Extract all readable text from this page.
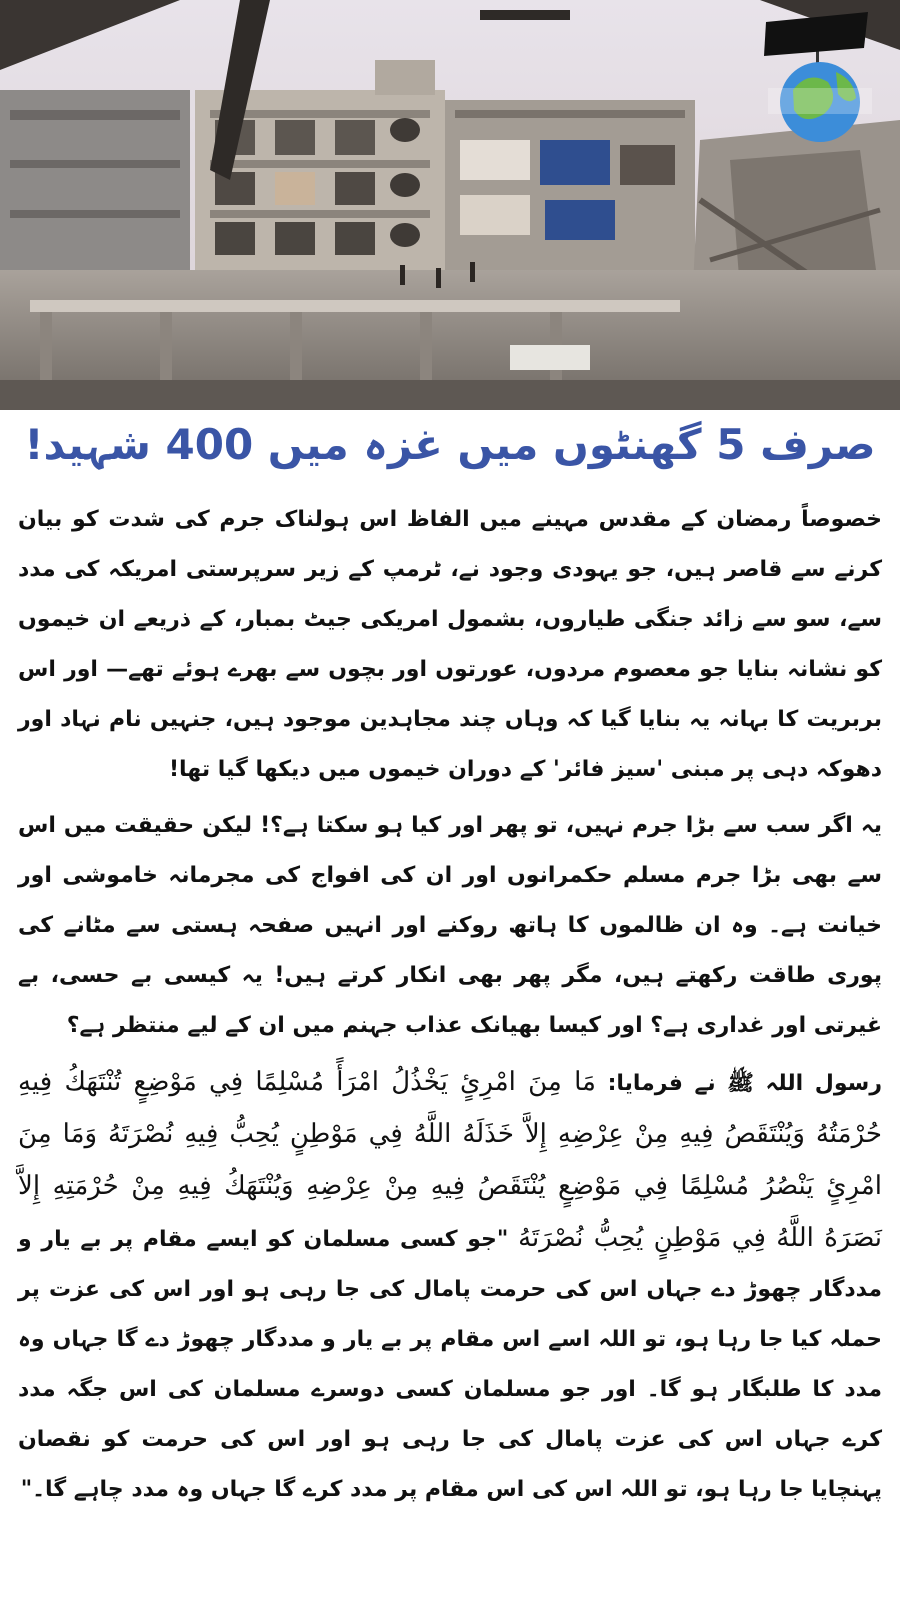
صرف 5 گھنٹوں میں غزہ میں 400 شہید!

خصوصاً رمضان کے مقدس مہینے میں الفاظ اس ہولناک جرم کی شدت کو بیان کرنے سے قاصر ہیں، جو یہودی وجود نے، ٹرمپ کے زیر سرپرستی امریکہ کی مدد سے، سو سے زائد جنگی طیاروں، بشمول امریکی جیٹ بمبار، کے ذریعے ان خیموں کو نشانہ بنایا جو معصوم مردوں، عورتوں اور بچوں سے بھرے ہوئے تھے— اور اس بربریت کا بہانہ یہ بنایا گیا کہ وہاں چند مجاہدین موجود ہیں، جنہیں نام نہاد اور دھوکہ دہی پر مبنی 'سیز فائر' کے دوران خیموں میں دیکھا گیا تھا!

یہ اگر سب سے بڑا جرم نہیں، تو پھر اور کیا ہو سکتا ہے؟! لیکن حقیقت میں اس سے بھی بڑا جرم مسلم حکمرانوں اور ان کی افواج کی مجرمانہ خاموشی اور خیانت ہے۔ وہ ان ظالموں کا ہاتھ روکنے اور انہیں صفحہ ہستی سے مٹانے کی پوری طاقت رکھتے ہیں، مگر پھر بھی انکار کرتے ہیں! یہ کیسی بے حسی، بے غیرتی اور غداری ہے؟ اور کیسا بھیانک عذاب جہنم میں ان کے لیے منتظر ہے؟

رسول اللہ ﷺ نے فرمایا: مَا مِنَ امْرِئٍ يَخْذُلُ امْرَأً مُسْلِمًا فِي مَوْضِعٍ تُنْتَهَكُ فِيهِ حُرْمَتُهُ وَيُنْتَقَصُ فِيهِ مِنْ عِرْضِهِ إِلاَّ خَذَلَهُ اللَّهُ فِي مَوْطِنٍ يُحِبُّ فِيهِ نُصْرَتَهُ وَمَا مِنَ امْرِئٍ يَنْصُرُ مُسْلِمًا فِي مَوْضِعٍ يُنْتَقَصُ فِيهِ مِنْ عِرْضِهِ وَيُنْتَهَكُ فِيهِ مِنْ حُرْمَتِهِ إِلاَّ نَصَرَهُ اللَّهُ فِي مَوْطِنٍ يُحِبُّ نُصْرَتَهُ "جو کسی مسلمان کو ایسے مقام پر بے یار و مددگار چھوڑ دے جہاں اس کی حرمت پامال کی جا رہی ہو اور اس کی عزت پر حملہ کیا جا رہا ہو، تو اللہ اسے اس مقام پر بے یار و مددگار چھوڑ دے گا جہاں وہ مدد کا طلبگار ہو گا۔ اور جو مسلمان کسی دوسرے مسلمان کی اس جگہ مدد کرے جہاں اس کی عزت پامال کی جا رہی ہو اور اس کی حرمت کو نقصان پہنچایا جا رہا ہو، تو اللہ اس کی اس مقام پر مدد کرے گا جہاں وہ مدد چاہے گا۔"
